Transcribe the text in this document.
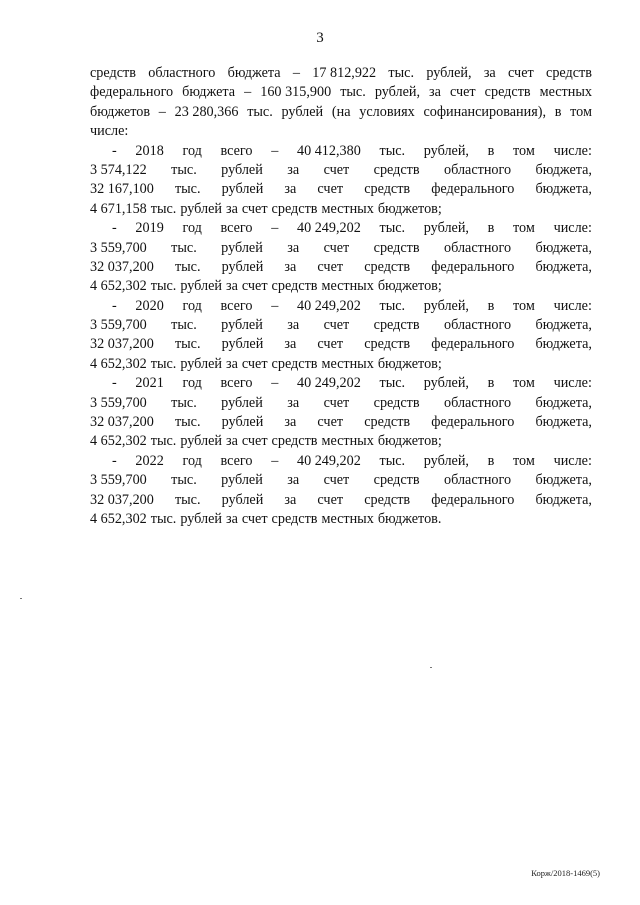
3
средств областного бюджета – 17 812,922 тыс. рублей, за счет средств
федерального бюджета – 160 315,900 тыс. рублей, за счет средств местных
бюджетов – 23 280,366 тыс. рублей (на условиях софинансирования), в том
числе:
- 2018 год всего – 40 412,380 тыс. рублей, в том числе:
3 574,122 тыс. рублей за счет средств областного бюджета,
32 167,100 тыс. рублей за счет средств федерального бюджета,
4 671,158 тыс. рублей за счет средств местных бюджетов;
- 2019 год всего – 40 249,202 тыс. рублей, в том числе:
3 559,700 тыс. рублей за счет средств областного бюджета,
32 037,200 тыс. рублей за счет средств федерального бюджета,
4 652,302 тыс. рублей за счет средств местных бюджетов;
- 2020 год всего – 40 249,202 тыс. рублей, в том числе:
3 559,700 тыс. рублей за счет средств областного бюджета,
32 037,200 тыс. рублей за счет средств федерального бюджета,
4 652,302 тыс. рублей за счет средств местных бюджетов;
- 2021 год всего – 40 249,202 тыс. рублей, в том числе:
3 559,700 тыс. рублей за счет средств областного бюджета,
32 037,200 тыс. рублей за счет средств федерального бюджета,
4 652,302 тыс. рублей за счет средств местных бюджетов;
- 2022 год всего – 40 249,202 тыс. рублей, в том числе:
3 559,700 тыс. рублей за счет средств областного бюджета,
32 037,200 тыс. рублей за счет средств федерального бюджета,
4 652,302 тыс. рублей за счет средств местных бюджетов.
Корж/2018-1469(5)
